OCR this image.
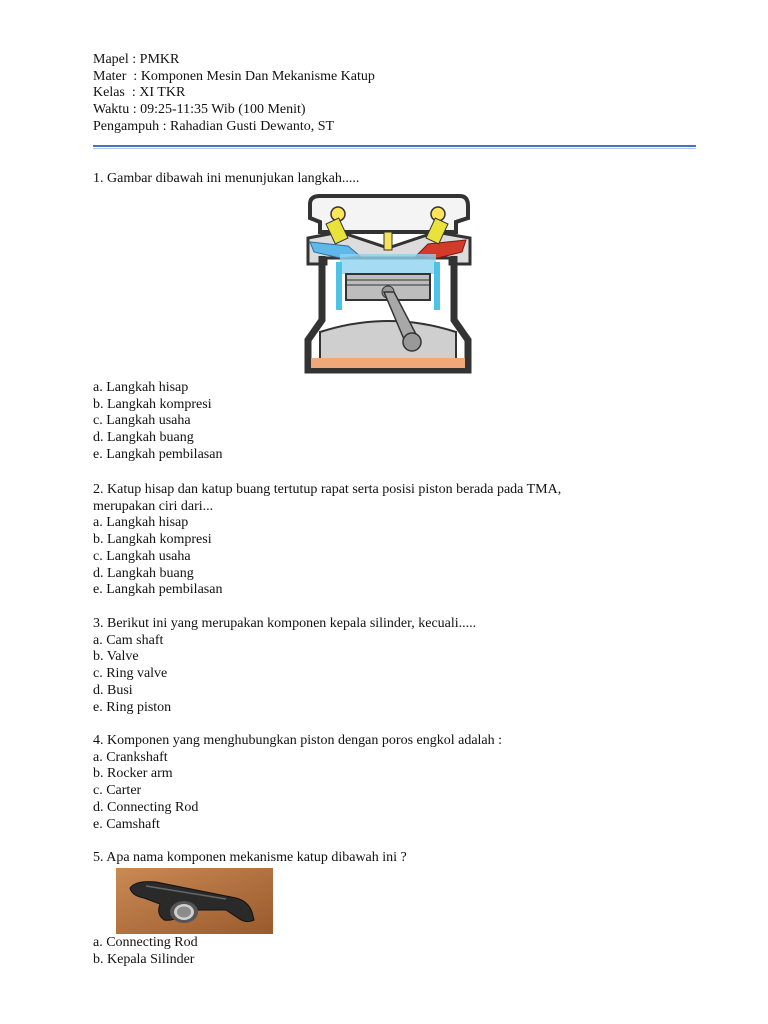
Mapel : PMKR
Mater  : Komponen Mesin Dan Mekanisme Katup
Kelas  : XI TKR
Waktu : 09:25-11:35 Wib (100 Menit)
Pengampuh : Rahadian Gusti Dewanto, ST
1. Gambar dibawah ini menunjukan langkah.....
a. Langkah hisap
b. Langkah kompresi
c. Langkah usaha
d. Langkah buang
e. Langkah pembilasan
2. Katup hisap dan katup buang tertutup rapat serta posisi piston berada pada TMA,
merupakan ciri dari...
a. Langkah hisap
b. Langkah kompresi
c. Langkah usaha
d. Langkah buang
e. Langkah pembilasan
3. Berikut ini yang merupakan komponen kepala silinder, kecuali.....
a. Cam shaft
b. Valve
c. Ring valve
d. Busi
e. Ring piston
4. Komponen yang menghubungkan piston dengan poros engkol adalah :
a. Crankshaft
b. Rocker arm
c. Carter
d. Connecting Rod
e. Camshaft
5. Apa nama komponen mekanisme katup dibawah ini ?
a. Connecting Rod
b. Kepala Silinder
